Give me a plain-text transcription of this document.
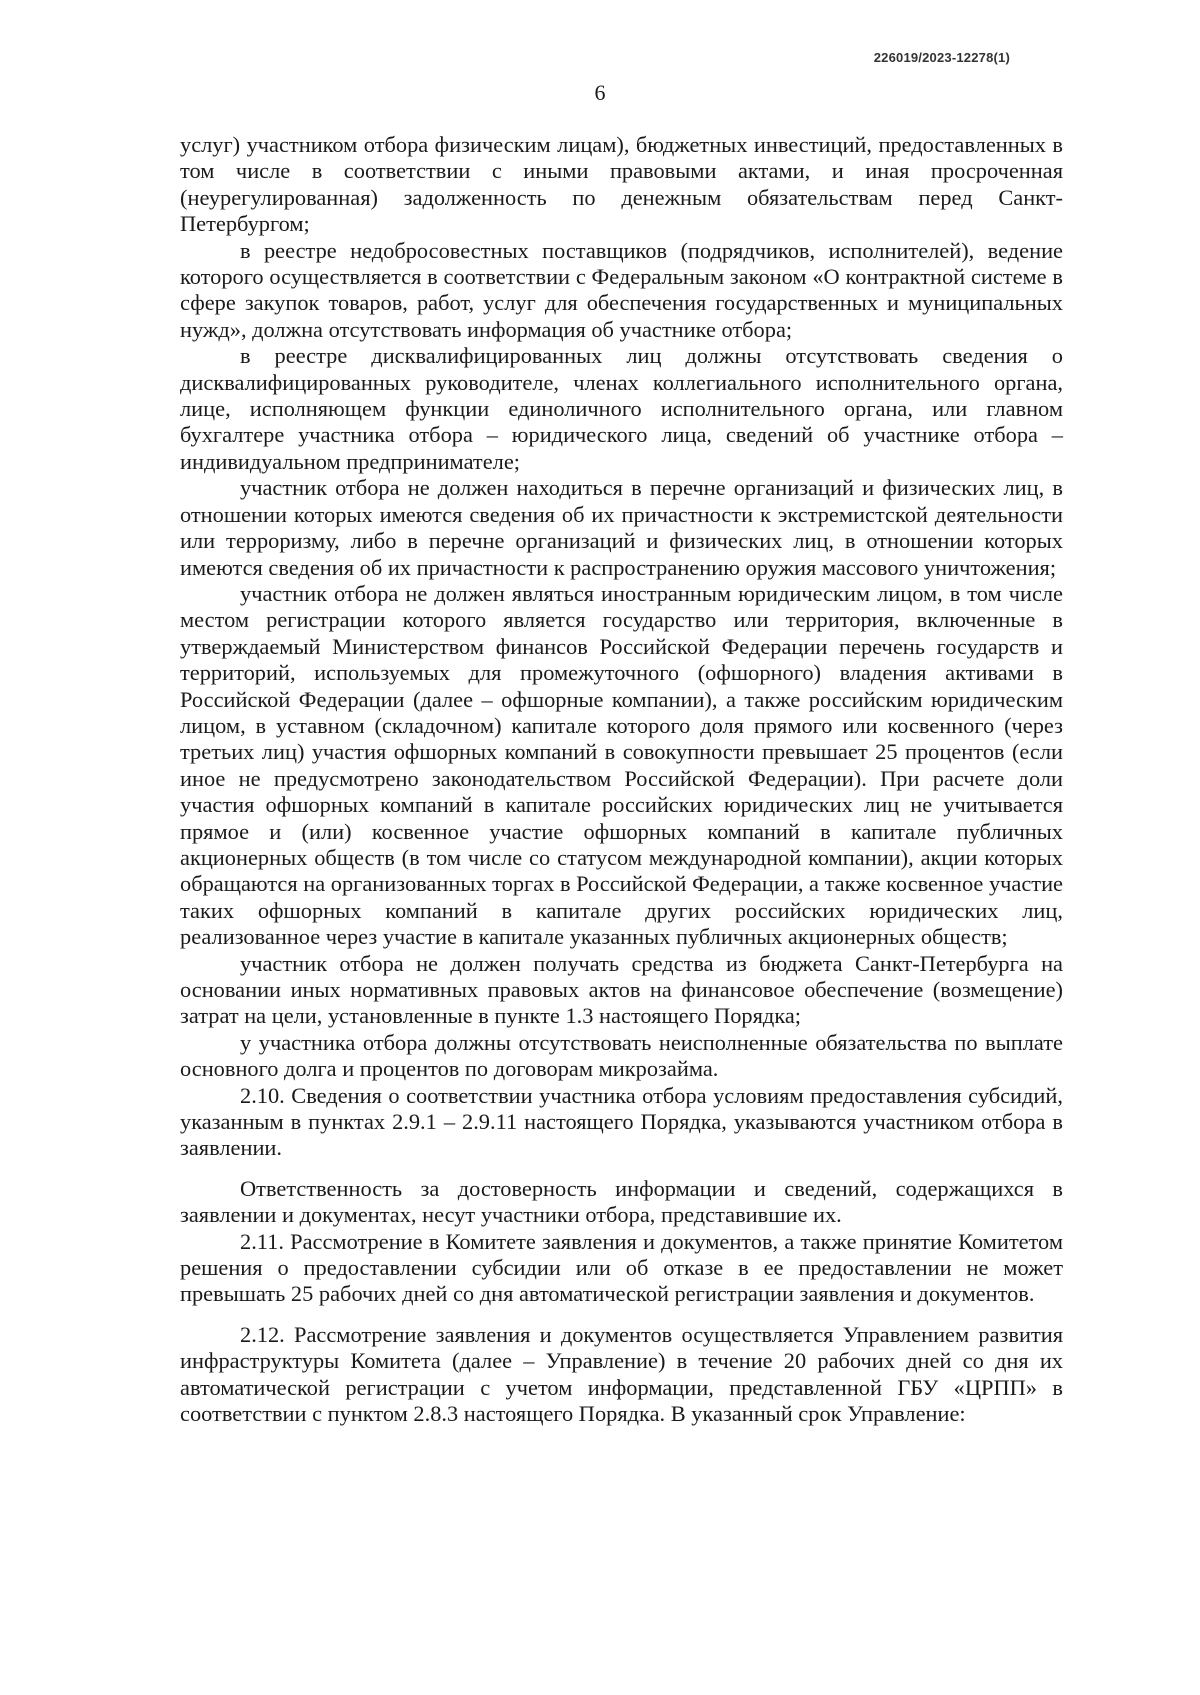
226019/2023-12278(1)
6

услуг) участником отбора физическим лицам), бюджетных инвестиций, предоставленных в том числе в соответствии с иными правовыми актами, и иная просроченная (неурегулированная) задолженность по денежным обязательствам перед Санкт-Петербургом;

в реестре недобросовестных поставщиков (подрядчиков, исполнителей), ведение которого осуществляется в соответствии с Федеральным законом «О контрактной системе в сфере закупок товаров, работ, услуг для обеспечения государственных и муниципальных нужд», должна отсутствовать информация об участнике отбора;

в реестре дисквалифицированных лиц должны отсутствовать сведения о дисквалифицированных руководителе, членах коллегиального исполнительного органа, лице, исполняющем функции единоличного исполнительного органа, или главном бухгалтере участника отбора – юридического лица, сведений об участнике отбора – индивидуальном предпринимателе;

участник отбора не должен находиться в перечне организаций и физических лиц, в отношении которых имеются сведения об их причастности к экстремистской деятельности или терроризму, либо в перечне организаций и физических лиц, в отношении которых имеются сведения об их причастности к распространению оружия массового уничтожения;

участник отбора не должен являться иностранным юридическим лицом, в том числе местом регистрации которого является государство или территория, включенные в утверждаемый Министерством финансов Российской Федерации перечень государств и территорий, используемых для промежуточного (офшорного) владения активами в Российской Федерации (далее – офшорные компании), а также российским юридическим лицом, в уставном (складочном) капитале которого доля прямого или косвенного (через третьих лиц) участия офшорных компаний в совокупности превышает 25 процентов (если иное не предусмотрено законодательством Российской Федерации). При расчете доли участия офшорных компаний в капитале российских юридических лиц не учитывается прямое и (или) косвенное участие офшорных компаний в капитале публичных акционерных обществ (в том числе со статусом международной компании), акции которых обращаются на организованных торгах в Российской Федерации, а также косвенное участие таких офшорных компаний в капитале других российских юридических лиц, реализованное через участие в капитале указанных публичных акционерных обществ;

участник отбора не должен получать средства из бюджета Санкт-Петербурга на основании иных нормативных правовых актов на финансовое обеспечение (возмещение) затрат на цели, установленные в пункте 1.3 настоящего Порядка;

у участника отбора должны отсутствовать неисполненные обязательства по выплате основного долга и процентов по договорам микрозайма.

2.10. Сведения о соответствии участника отбора условиям предоставления субсидий, указанным в пунктах 2.9.1 – 2.9.11 настоящего Порядка, указываются участником отбора в заявлении.

Ответственность за достоверность информации и сведений, содержащихся в заявлении и документах, несут участники отбора, представившие их.

2.11. Рассмотрение в Комитете заявления и документов, а также принятие Комитетом решения о предоставлении субсидии или об отказе в ее предоставлении не может превышать 25 рабочих дней со дня автоматической регистрации заявления и документов.

2.12. Рассмотрение заявления и документов осуществляется Управлением развития инфраструктуры Комитета (далее – Управление) в течение 20 рабочих дней со дня их автоматической регистрации с учетом информации, представленной ГБУ «ЦРПП» в соответствии с пунктом 2.8.3 настоящего Порядка. В указанный срок Управление:
